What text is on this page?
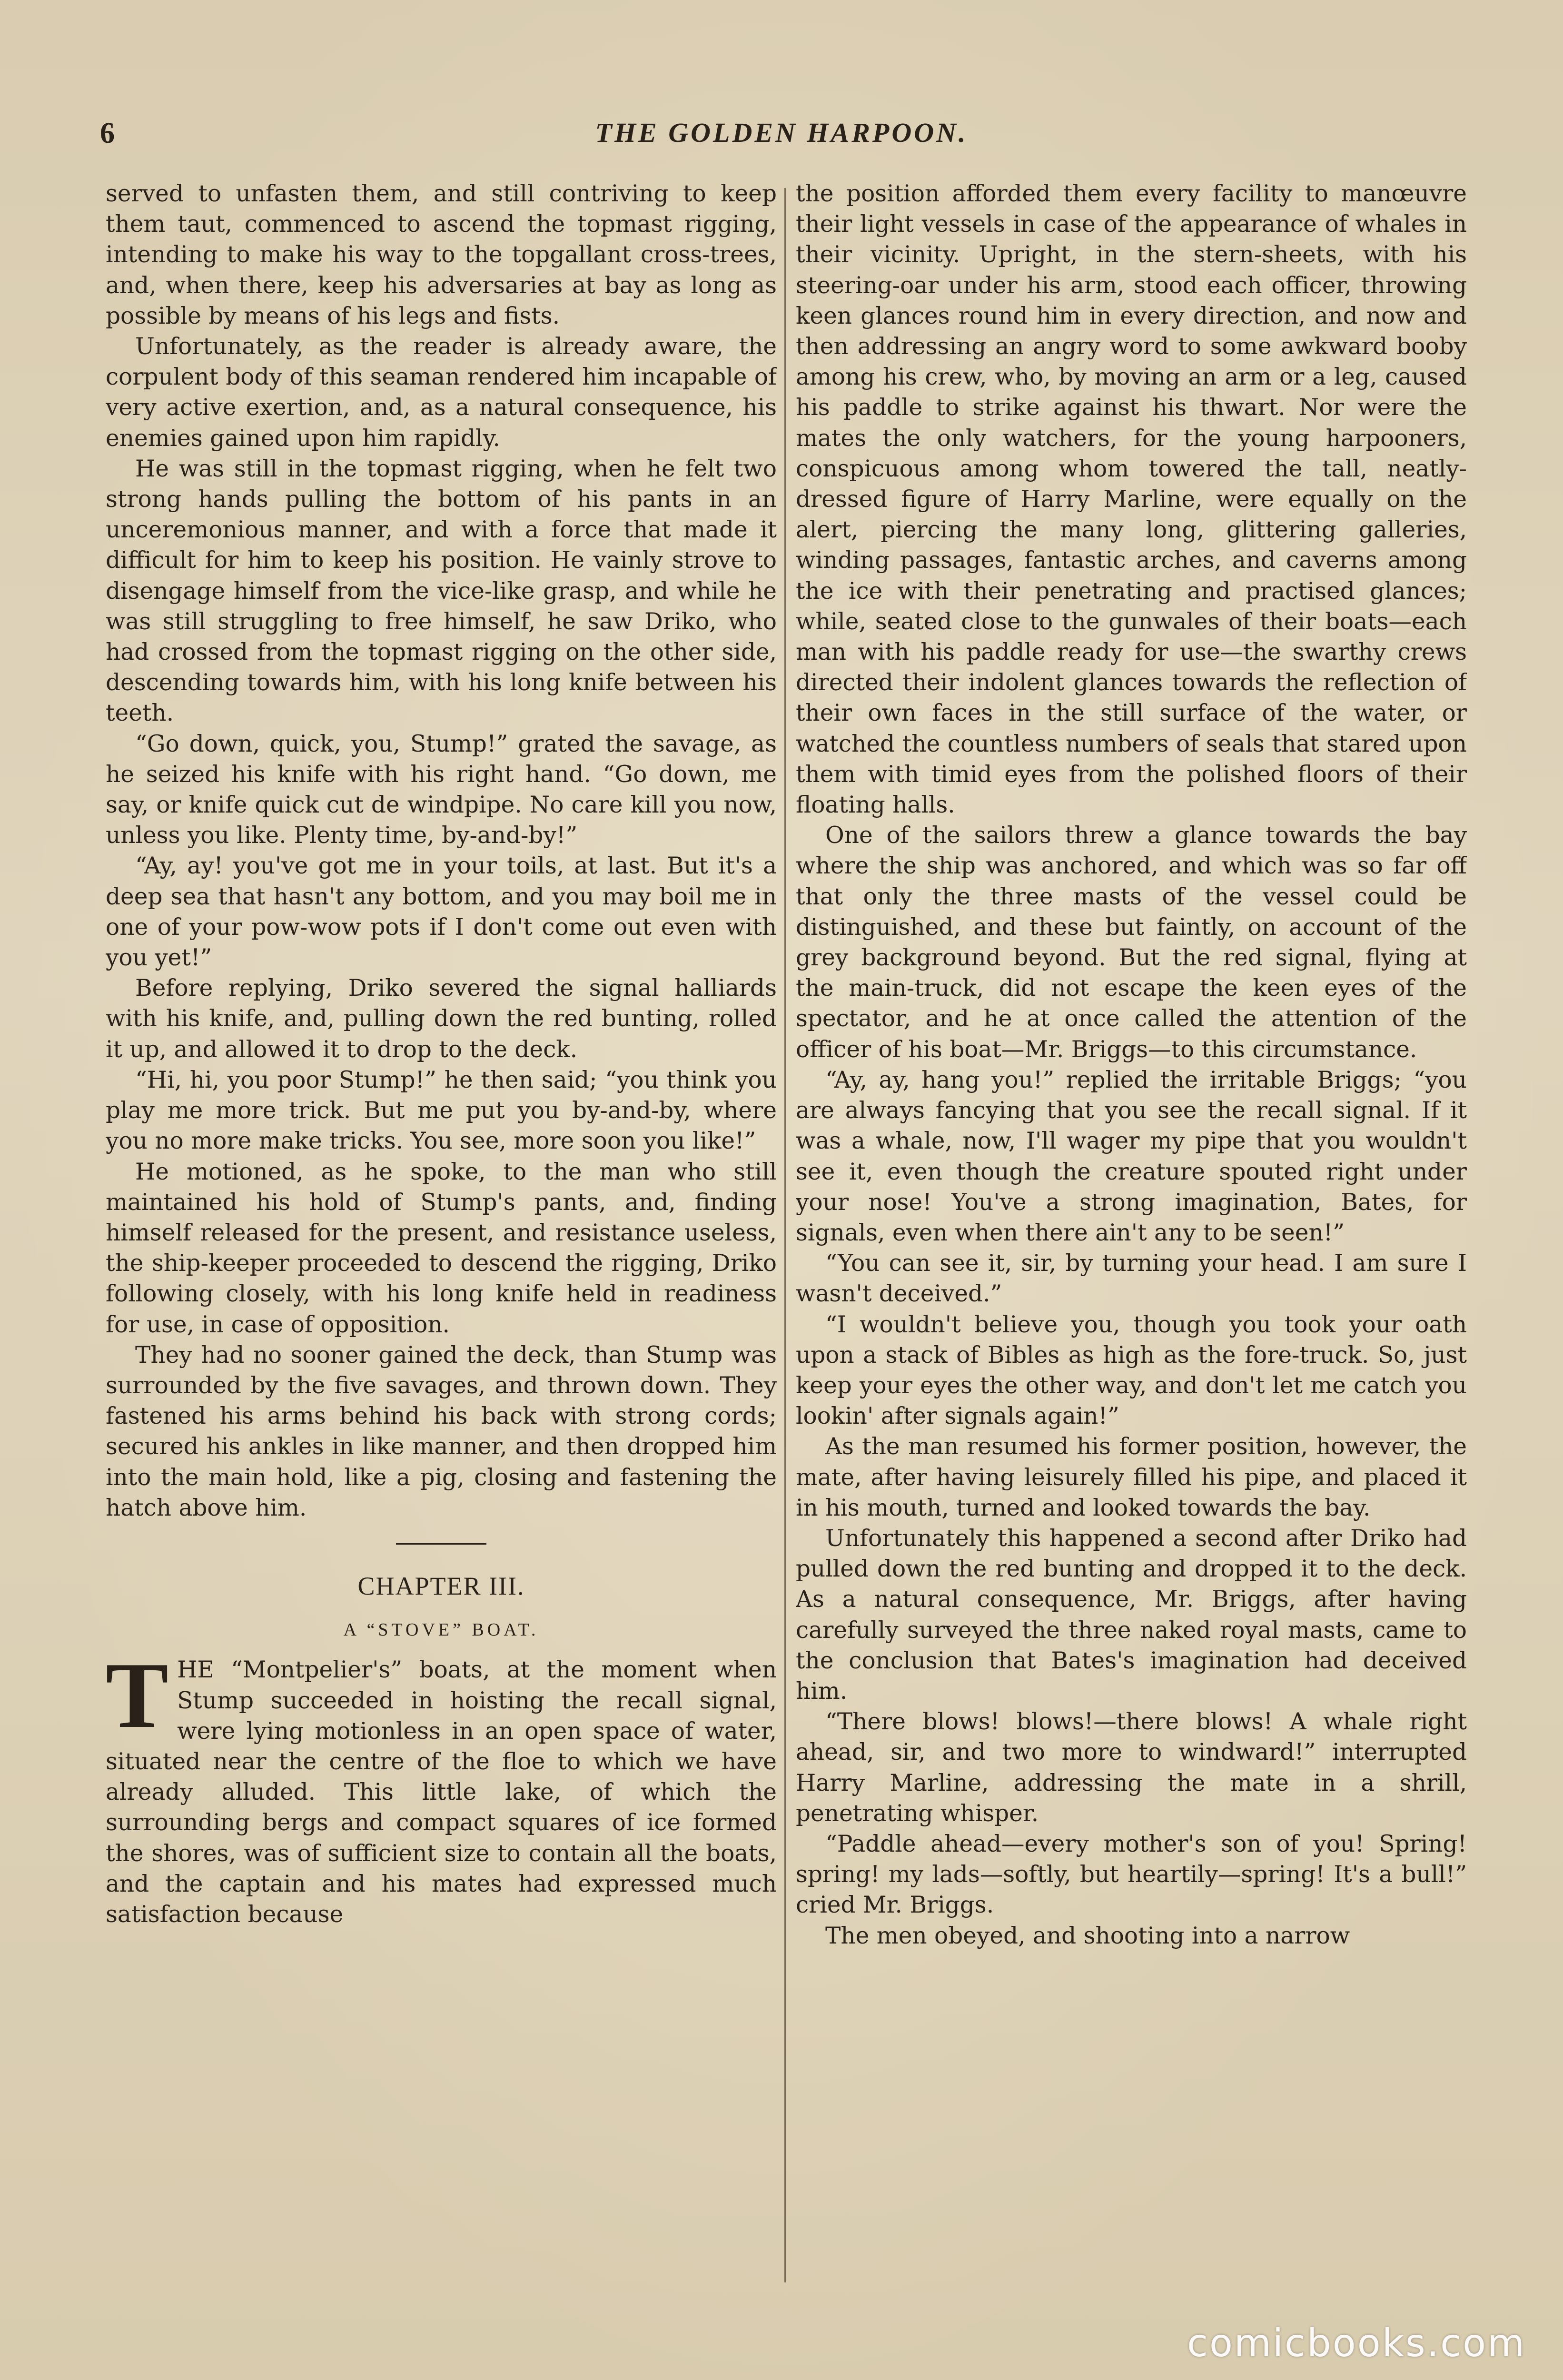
6	THE GOLDEN HARPOON.

served to unfasten them, and still contriving to keep them taut, commenced to ascend the topmast rigging, intending to make his way to the topgallant cross-trees, and, when there, keep his adversaries at bay as long as possible by means of his legs and fists.

Unfortunately, as the reader is already aware, the corpulent body of this seaman rendered him incapable of very active exertion, and, as a natural consequence, his enemies gained upon him rapidly.

He was still in the topmast rigging, when he felt two strong hands pulling the bottom of his pants in an unceremonious manner, and with a force that made it difficult for him to keep his position. He vainly strove to disengage himself from the vice-like grasp, and while he was still struggling to free himself, he saw Driko, who had crossed from the topmast rigging on the other side, descending towards him, with his long knife between his teeth.

“Go down, quick, you, Stump!” grated the savage, as he seized his knife with his right hand. “Go down, me say, or knife quick cut de windpipe. No care kill you now, unless you like. Plenty time, by-and-by!”

“Ay, ay! you've got me in your toils, at last. But it's a deep sea that hasn't any bottom, and you may boil me in one of your pow-wow pots if I don't come out even with you yet!”

Before replying, Driko severed the signal halliards with his knife, and, pulling down the red bunting, rolled it up, and allowed it to drop to the deck.

“Hi, hi, you poor Stump!” he then said; “you think you play me more trick. But me put you by-and-by, where you no more make tricks. You see, more soon you like!”

He motioned, as he spoke, to the man who still maintained his hold of Stump's pants, and, finding himself released for the present, and resistance useless, the ship-keeper proceeded to descend the rigging, Driko following closely, with his long knife held in readiness for use, in case of opposition.

They had no sooner gained the deck, than Stump was surrounded by the five savages, and thrown down. They fastened his arms behind his back with strong cords; secured his ankles in like manner, and then dropped him into the main hold, like a pig, closing and fastening the hatch above him.

CHAPTER III.

A “STOVE” BOAT.

THE “Montpelier's” boats, at the moment when Stump succeeded in hoisting the recall signal, were lying motionless in an open space of water, situated near the centre of the floe to which we have already alluded. This little lake, of which the surrounding bergs and compact squares of ice formed the shores, was of sufficient size to contain all the boats, and the captain and his mates had expressed much satisfaction because

the position afforded them every facility to manœuvre their light vessels in case of the appearance of whales in their vicinity. Upright, in the stern-sheets, with his steering-oar under his arm, stood each officer, throwing keen glances round him in every direction, and now and then addressing an angry word to some awkward booby among his crew, who, by moving an arm or a leg, caused his paddle to strike against his thwart. Nor were the mates the only watchers, for the young harpooners, conspicuous among whom towered the tall, neatly-dressed figure of Harry Marline, were equally on the alert, piercing the many long, glittering galleries, winding passages, fantastic arches, and caverns among the ice with their penetrating and practised glances; while, seated close to the gunwales of their boats—each man with his paddle ready for use—the swarthy crews directed their indolent glances towards the reflection of their own faces in the still surface of the water, or watched the countless numbers of seals that stared upon them with timid eyes from the polished floors of their floating halls.

One of the sailors threw a glance towards the bay where the ship was anchored, and which was so far off that only the three masts of the vessel could be distinguished, and these but faintly, on account of the grey background beyond. But the red signal, flying at the main-truck, did not escape the keen eyes of the spectator, and he at once called the attention of the officer of his boat—Mr. Briggs—to this circumstance.

“Ay, ay, hang you!” replied the irritable Briggs; “you are always fancying that you see the recall signal. If it was a whale, now, I'll wager my pipe that you wouldn't see it, even though the creature spouted right under your nose! You've a strong imagination, Bates, for signals, even when there ain't any to be seen!”

“You can see it, sir, by turning your head. I am sure I wasn't deceived.”

“I wouldn't believe you, though you took your oath upon a stack of Bibles as high as the fore-truck. So, just keep your eyes the other way, and don't let me catch you lookin' after signals again!”

As the man resumed his former position, however, the mate, after having leisurely filled his pipe, and placed it in his mouth, turned and looked towards the bay.

Unfortunately this happened a second after Driko had pulled down the red bunting and dropped it to the deck. As a natural consequence, Mr. Briggs, after having carefully surveyed the three naked royal masts, came to the conclusion that Bates's imagination had deceived him.

“There blows! blows!—there blows! A whale right ahead, sir, and two more to windward!” interrupted Harry Marline, addressing the mate in a shrill, penetrating whisper.

“Paddle ahead—every mother's son of you! Spring! spring! my lads—softly, but heartily—spring! It's a bull!” cried Mr. Briggs.

The men obeyed, and shooting into a narrow

comicbooks.com
